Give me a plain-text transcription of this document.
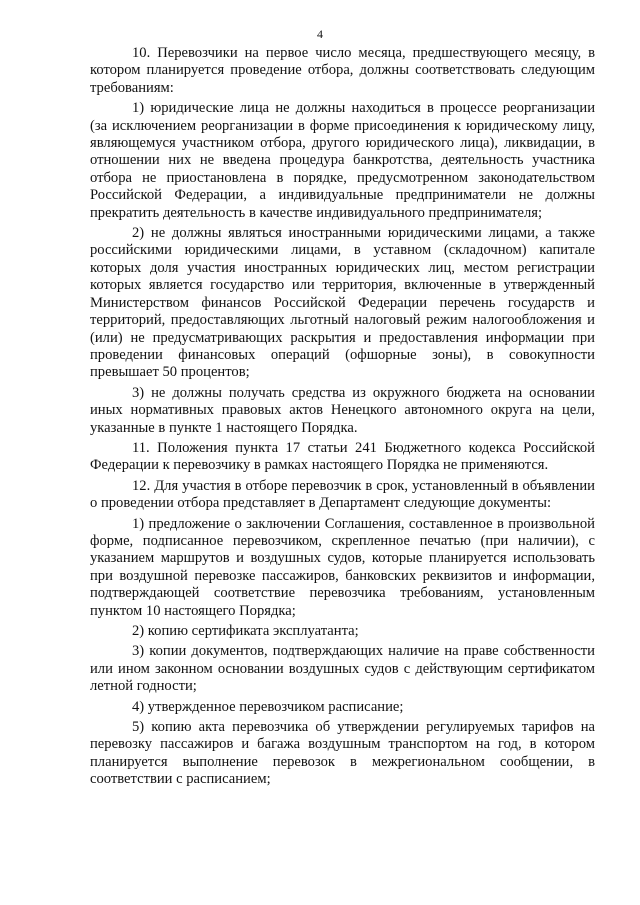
4

10. Перевозчики на первое число месяца, предшествующего месяцу, в котором планируется проведение отбора, должны соответствовать следующим требованиям:

1) юридические лица не должны находиться в процессе реорганизации (за исключением реорганизации в форме присоединения к юридическому лицу, являющемуся участником отбора, другого юридического лица), ликвидации, в отношении них не введена процедура банкротства, деятельность участника отбора не приостановлена в порядке, предусмотренном законодательством Российской Федерации, а индивидуальные предприниматели не должны прекратить деятельность в качестве индивидуального предпринимателя;

2) не должны являться иностранными юридическими лицами, а также российскими юридическими лицами, в уставном (складочном) капитале которых доля участия иностранных юридических лиц, местом регистрации которых является государство или территория, включенные в утвержденный Министерством финансов Российской Федерации перечень государств и территорий, предоставляющих льготный налоговый режим налогообложения и (или) не предусматривающих раскрытия и предоставления информации при проведении финансовых операций (офшорные зоны), в совокупности превышает 50 процентов;

3) не должны получать средства из окружного бюджета на основании иных нормативных правовых актов Ненецкого автономного округа на цели, указанные в пункте 1 настоящего Порядка.

11. Положения пункта 17 статьи 241 Бюджетного кодекса Российской Федерации к перевозчику в рамках настоящего Порядка не применяются.

12. Для участия в отборе перевозчик в срок, установленный в объявлении о проведении отбора представляет в Департамент следующие документы:

1) предложение о заключении Соглашения, составленное в произвольной форме, подписанное перевозчиком, скрепленное печатью (при наличии), с указанием маршрутов и воздушных судов, которые планируется использовать при воздушной перевозке пассажиров, банковских реквизитов и информации, подтверждающей соответствие перевозчика требованиям, установленным пунктом 10 настоящего Порядка;

2) копию сертификата эксплуатанта;

3) копии документов, подтверждающих наличие на праве собственности или ином законном основании воздушных судов с действующим сертификатом летной годности;

4) утвержденное перевозчиком расписание;

5) копию акта перевозчика об утверждении регулируемых тарифов на перевозку пассажиров и багажа воздушным транспортом на год, в котором планируется выполнение перевозок в межрегиональном сообщении, в соответствии с расписанием;
